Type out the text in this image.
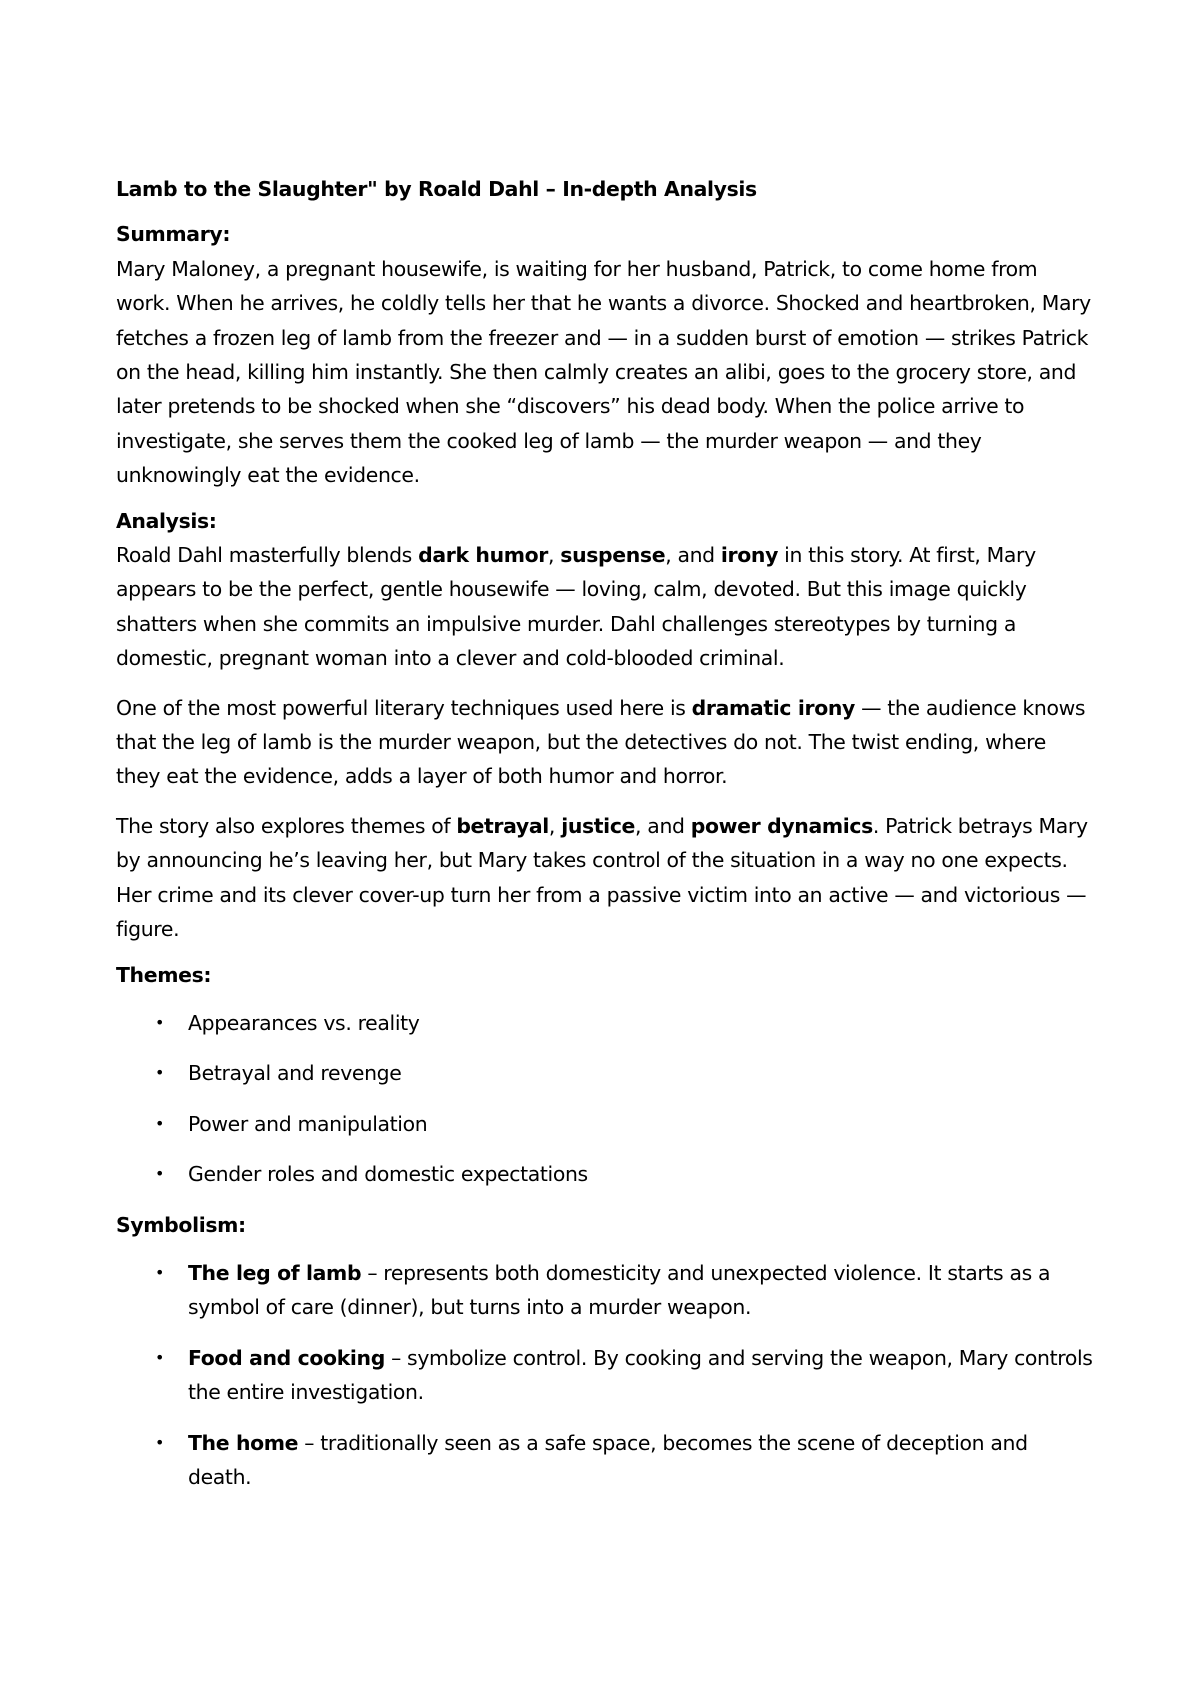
Lamb to the Slaughter" by Roald Dahl – In-depth Analysis
Summary:

Mary Maloney, a pregnant housewife, is waiting for her husband, Patrick, to come home from work. When he arrives, he coldly tells her that he wants a divorce. Shocked and heartbroken, Mary fetches a frozen leg of lamb from the freezer and — in a sudden burst of emotion — strikes Patrick on the head, killing him instantly. She then calmly creates an alibi, goes to the grocery store, and later pretends to be shocked when she “discovers” his dead body. When the police arrive to investigate, she serves them the cooked leg of lamb — the murder weapon — and they unknowingly eat the evidence.

Analysis:

Roald Dahl masterfully blends dark humor, suspense, and irony in this story. At first, Mary appears to be the perfect, gentle housewife — loving, calm, devoted. But this image quickly shatters when she commits an impulsive murder. Dahl challenges stereotypes by turning a domestic, pregnant woman into a clever and cold-blooded criminal.

One of the most powerful literary techniques used here is dramatic irony — the audience knows that the leg of lamb is the murder weapon, but the detectives do not. The twist ending, where they eat the evidence, adds a layer of both humor and horror.

The story also explores themes of betrayal, justice, and power dynamics. Patrick betrays Mary by announcing he’s leaving her, but Mary takes control of the situation in a way no one expects. Her crime and its clever cover-up turn her from a passive victim into an active — and victorious — figure.

Themes:
• Appearances vs. reality
• Betrayal and revenge
• Power and manipulation
• Gender roles and domestic expectations
Symbolism:
• The leg of lamb – represents both domesticity and unexpected violence. It starts as a symbol of care (dinner), but turns into a murder weapon.
• Food and cooking – symbolize control. By cooking and serving the weapon, Mary controls the entire investigation.
• The home – traditionally seen as a safe space, becomes the scene of deception and death.
